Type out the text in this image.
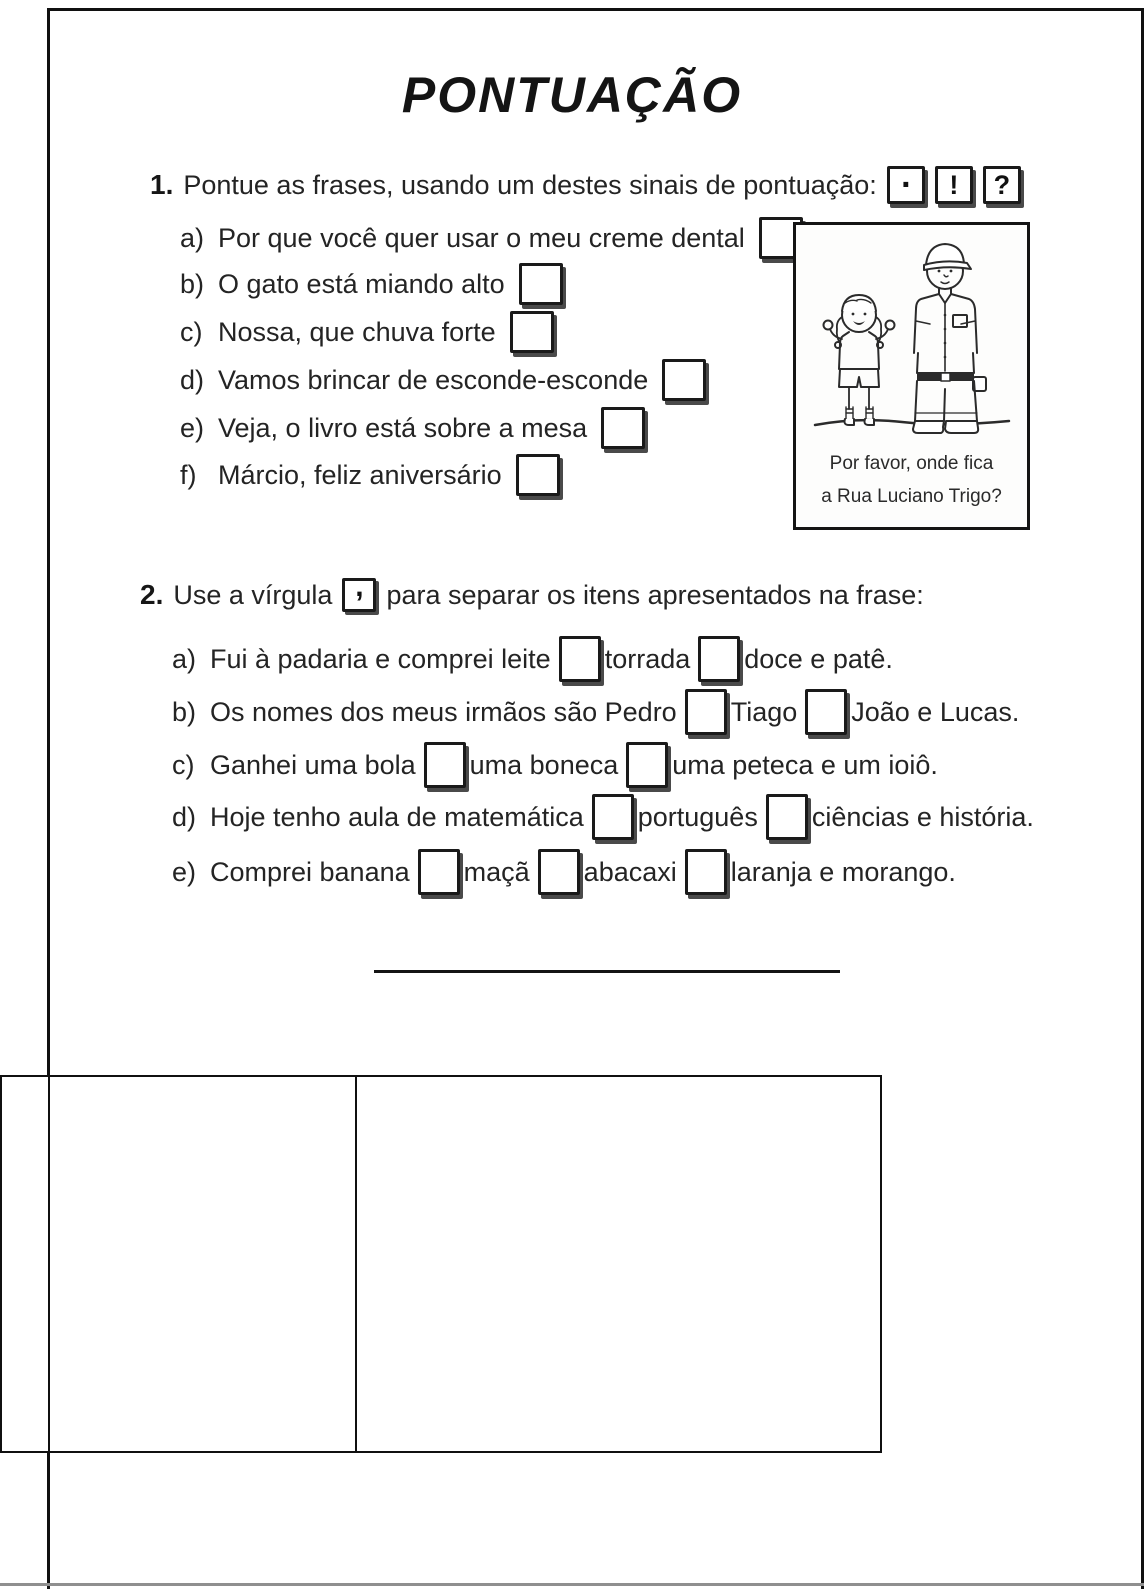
PONTUAÇÃO
1. Pontue as frases, usando um destes sinais de pontuação: . ! ?
a) Por que você quer usar o meu creme dental
b) O gato está miando alto
c) Nossa, que chuva forte
d) Vamos brincar de esconde-esconde
e) Veja, o livro está sobre a mesa
f) Márcio, feliz aniversário	Por favor, onde fica
a Rua Luciano Trigo?
2. Use a vírgula , para separar os itens apresentados na frase:
a) Fui à padaria e comprei leite torrada doce e patê.
b) Os nomes dos meus irmãos são Pedro Tiago João e Lucas.
c) Ganhei uma bola uma boneca uma peteca e um ioiô.
d) Hoje tenho aula de matemática português ciências e história.
e) Comprei banana maçã abacaxi laranja e morango.
